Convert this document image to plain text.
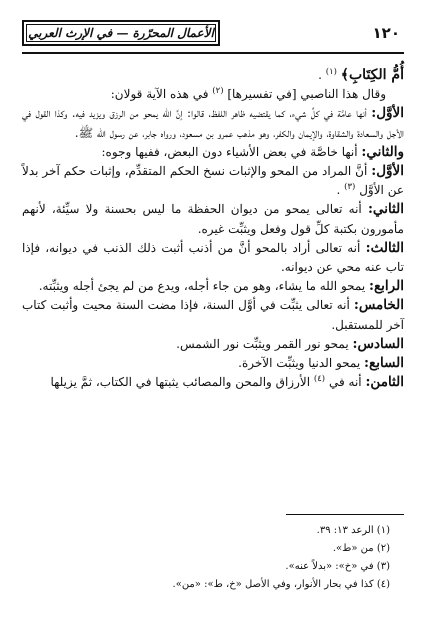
١٢٠
الأعمال المحرّرة — في الإرث العربي

أُمُّ الكِتَابِ﴾ $^{(١)}$ .

وقال هذا الناصبي [في تفسيرها] $^{(٢)}$ في هذه الآية قولان:

الأوَّل: أنها عامَّة في كلِّ شيء، كما يقتضيه ظاهر اللفظ، قالوا: إنَّ الله يمحو من الرزق ويزيد فيه. وكذا القول في الأجل والسعادة والشقاوة، والإيمان والكفر، وهو مذهب عمرو بن مسعود، ورواه جابر، عن رسول الله ﷺ.

والثاني: أنها خاصَّة في بعض الأشياء دون البعض، ففيها وجوه:

الأوَّل: أنَّ المراد من المحو والإثبات نسخ الحكم المتقدِّم، وإثبات حكم آخر بدلاً عن الأوَّل $^{(٣)}$ .

الثاني: أنه تعالى يمحو من ديوان الحفظة ما ليس بحسنة ولا سيِّئة، لأنهم مأمورون بكتبة كلِّ قول وفعل ويثبِّت غيره.

الثالث: أنه تعالى أراد بالمحو أنَّ من أذنب أثبت ذلك الذنب في ديوانه، فإذا تاب عنه محي عن ديوانه.

الرابع: يمحو الله ما يشاء، وهو من جاء أجله، ويدع من لم يجئ أجله ويثبِّته.

الخامس: أنه تعالى يثبِّت في أوَّل السنة، فإذا مضت السنة محيت وأثبت كتاب آخر للمستقبل.

السادس: يمحو نور القمر ويثبِّت نور الشمس.

السابع: يمحو الدنيا ويثبِّت الآخرة.

الثامن: أنه في $^{(٤)}$ الأرزاق والمحن والمصائب يثبتها في الكتاب، ثمَّ يزيلها

(١) الرعد ١٣: ٣٩.
(٢) من «ط».
(٣) في «خ»: «بدلاً عنه».
(٤) كذا في بحار الأنوار، وفي الأصل «خ، ط»: «من».
